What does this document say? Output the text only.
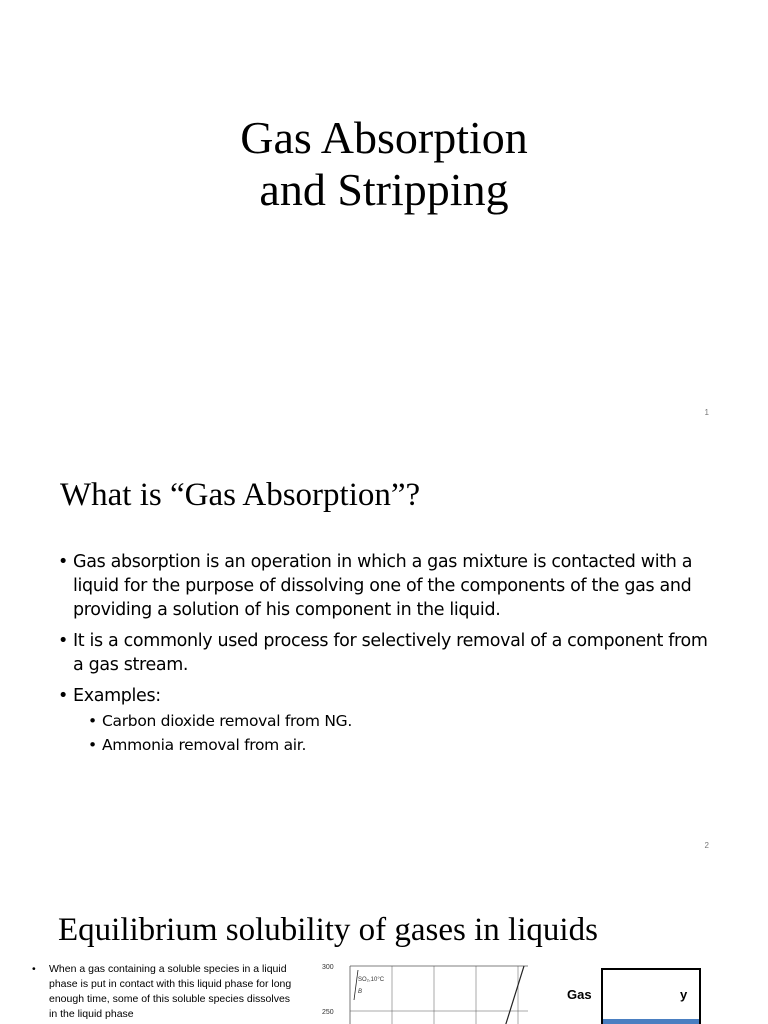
Gas Absorption
and Stripping
1
What is “Gas Absorption”?
• Gas absorption is an operation in which a gas mixture is contacted with a liquid for the purpose of dissolving one of the components of the gas and providing a solution of his component in the liquid.
• It is a commonly used process for selectively removal of a component from a gas stream.
• Examples:
• Carbon dioxide removal from NG.
• Ammonia removal from air.
2
Equilibrium solubility of gases in liquids
• When a gas containing a soluble species in a liquid phase is put in contact with this liquid phase for long enough time, some of this soluble species dissolves in the liquid phase
300
250
SO₂,10°C
B	Gas	y
